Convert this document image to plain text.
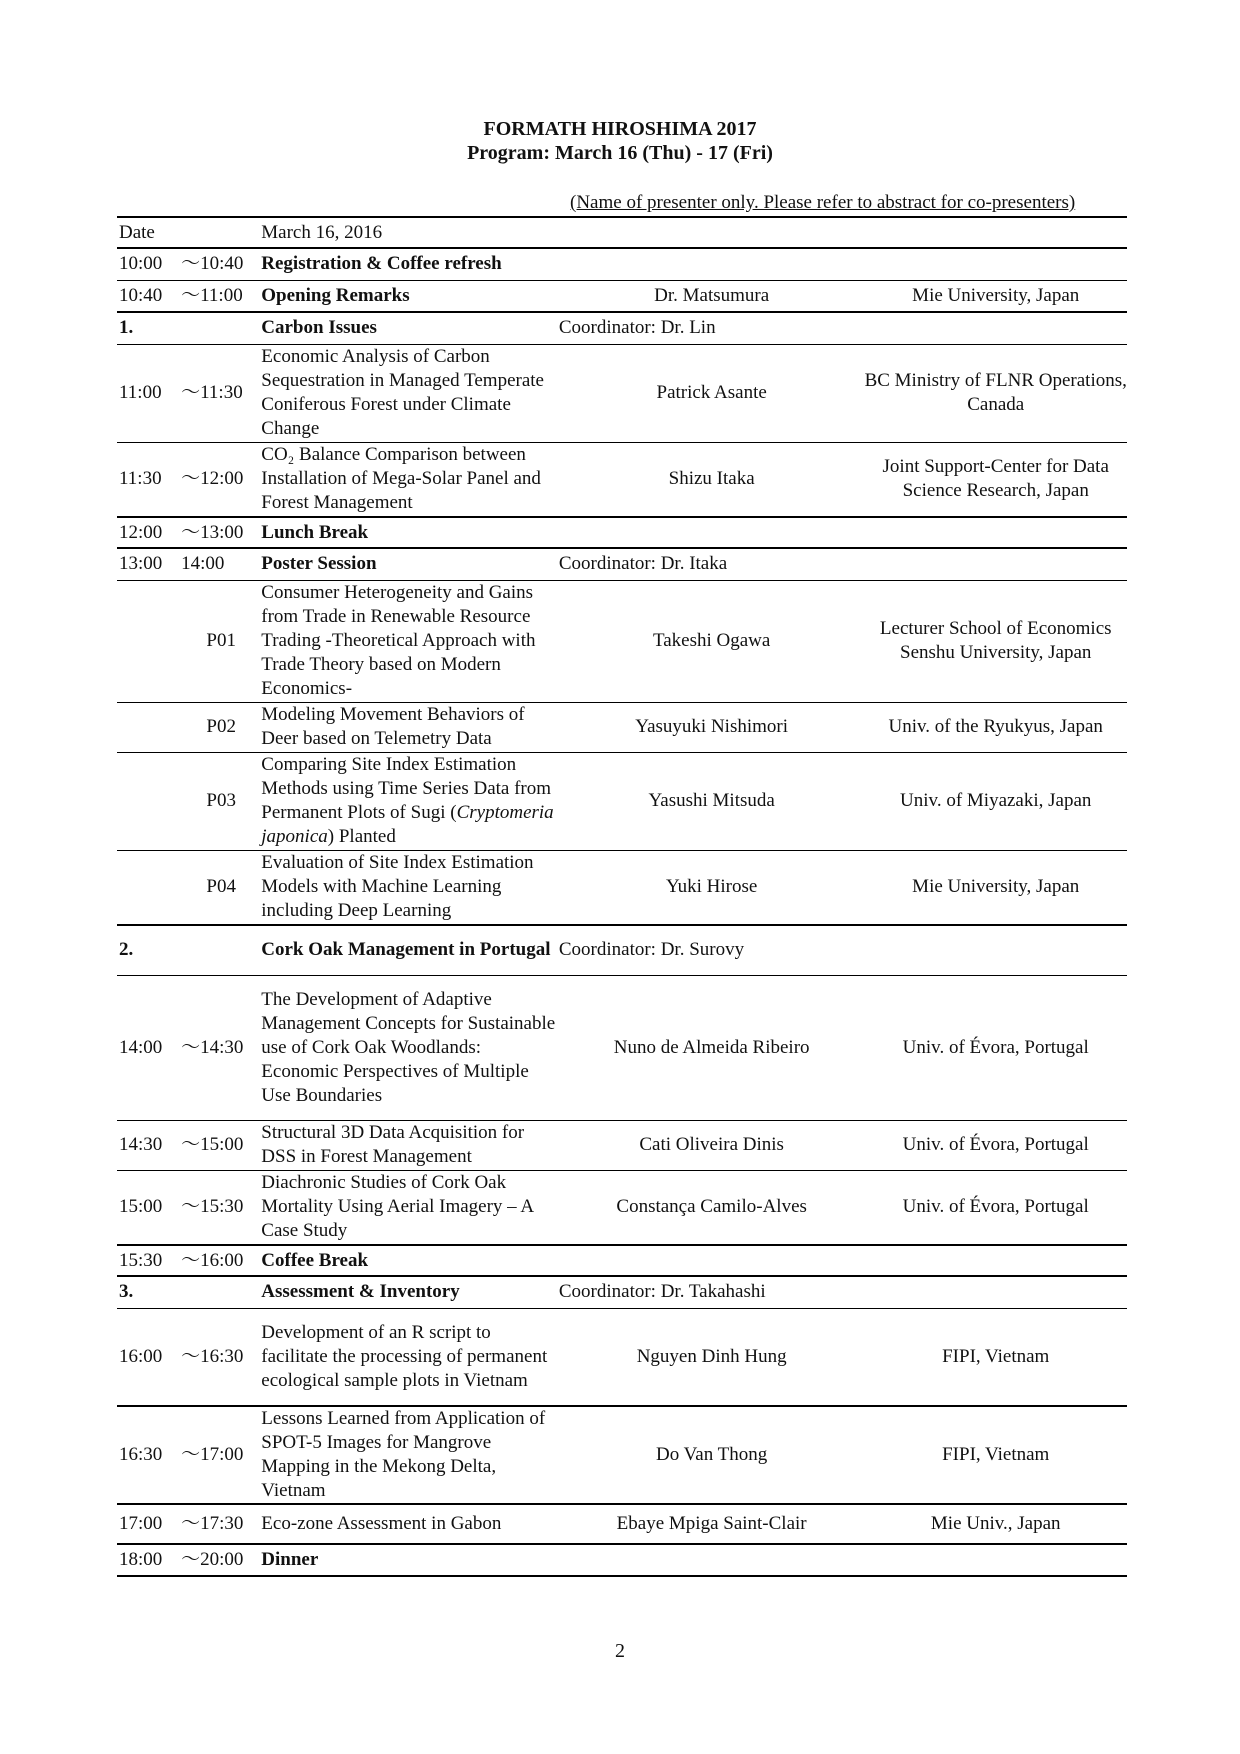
FORMATH HIROSHIMA 2017
Program: March 16 (Thu) - 17 (Fri)
(Name of presenter only. Please refer to abstract for co-presenters)
Date		March 16, 2016		
10:00	～10:40	Registration & Coffee refresh		
10:40	～11:00	Opening Remarks	Dr. Matsumura	Mie University, Japan
1.		Carbon Issues	Coordinator: Dr. Lin	
11:00	～11:30	Economic Analysis of Carbon Sequestration in Managed Temperate Coniferous Forest under Climate Change	Patrick Asante	BC Ministry of FLNR Operations, Canada
11:30	～12:00	CO₂ Balance Comparison between Installation of Mega-Solar Panel and Forest Management	Shizu Itaka	Joint Support-Center for Data Science Research, Japan
12:00	～13:00	Lunch Break		
13:00	14:00	Poster Session	Coordinator: Dr. Itaka	
	P01	Consumer Heterogeneity and Gains from Trade in Renewable Resource Trading -Theoretical Approach with Trade Theory based on Modern Economics-	Takeshi Ogawa	Lecturer School of Economics Senshu University, Japan
	P02	Modeling Movement Behaviors of Deer based on Telemetry Data	Yasuyuki Nishimori	Univ. of the Ryukyus, Japan
	P03	Comparing Site Index Estimation Methods using Time Series Data from Permanent Plots of Sugi (Cryptomeria japonica) Planted	Yasushi Mitsuda	Univ. of Miyazaki, Japan
	P04	Evaluation of Site Index Estimation Models with Machine Learning including Deep Learning	Yuki Hirose	Mie University, Japan
2.		Cork Oak Management in Portugal	Coordinator: Dr. Surovy	
14:00	～14:30	The Development of Adaptive Management Concepts for Sustainable use of Cork Oak Woodlands: Economic Perspectives of Multiple Use Boundaries	Nuno de Almeida Ribeiro	Univ. of Évora, Portugal
14:30	～15:00	Structural 3D Data Acquisition for DSS in Forest Management	Cati Oliveira Dinis	Univ. of Évora, Portugal
15:00	～15:30	Diachronic Studies of Cork Oak Mortality Using Aerial Imagery – A Case Study	Constança Camilo-Alves	Univ. of Évora, Portugal
15:30	～16:00	Coffee Break		
3.		Assessment & Inventory	Coordinator: Dr. Takahashi	
16:00	～16:30	Development of an R script to facilitate the processing of permanent ecological sample plots in Vietnam	Nguyen Dinh Hung	FIPI, Vietnam
16:30	～17:00	Lessons Learned from Application of SPOT-5 Images for Mangrove Mapping in the Mekong Delta, Vietnam	Do Van Thong	FIPI, Vietnam
17:00	～17:30	Eco-zone Assessment in Gabon	Ebaye Mpiga Saint-Clair	Mie Univ., Japan
18:00	～20:00	Dinner		
2
